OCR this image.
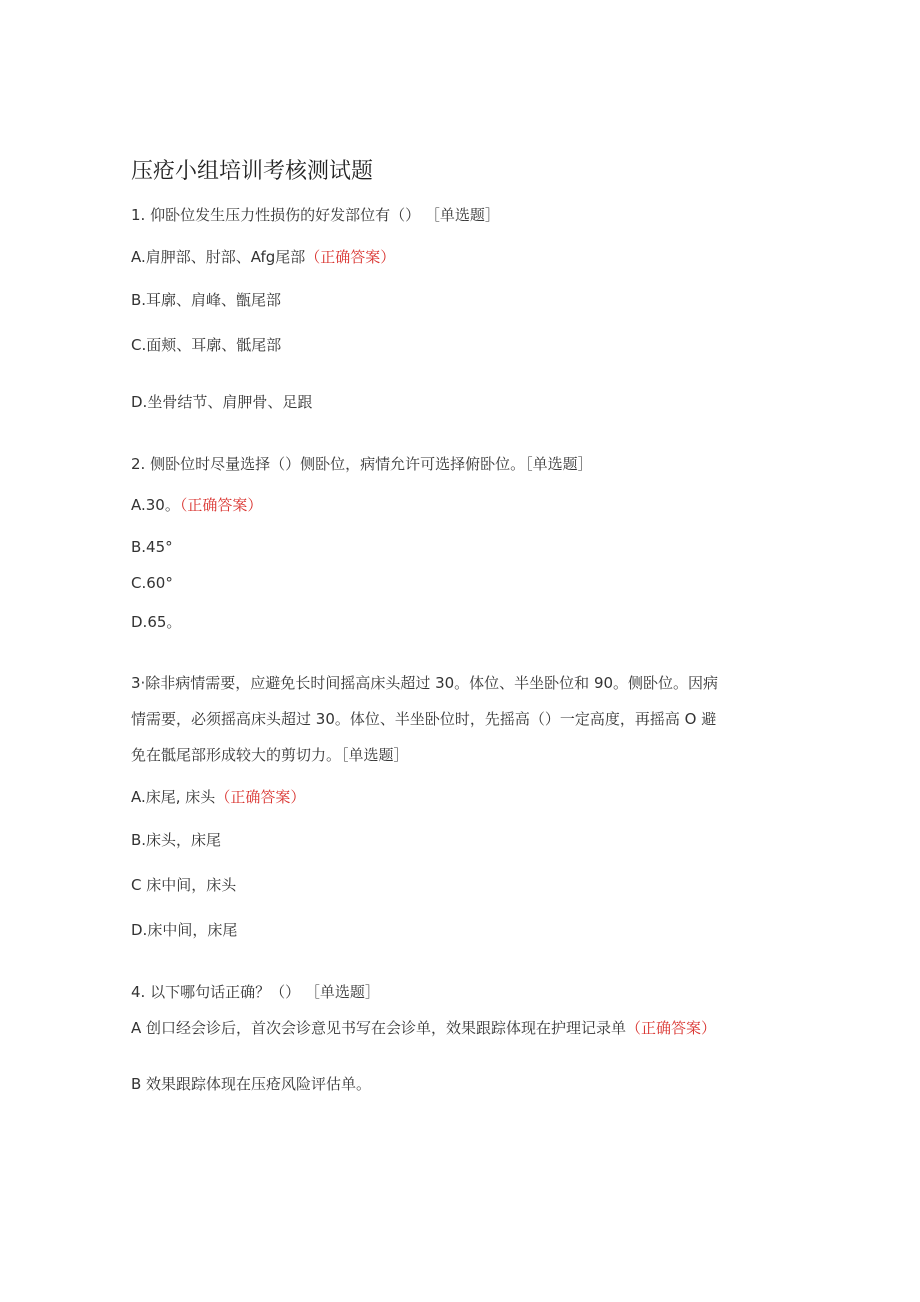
压疮小组培训考核测试题
1. 仰卧位发生压力性损伤的好发部位有（） ［单选题］
A.肩胛部、肘部、Afg尾部（正确答案）
B.耳廓、肩峰、甑尾部
C.面颊、耳廓、骶尾部
D.坐骨结节、肩胛骨、足跟
2. 侧卧位时尽量选择（）侧卧位，病情允许可选择俯卧位。［单选题］
A.30。（正确答案）
B.45°
C.60°
D.65。
3·除非病情需要，应避免长时间摇高床头超过 30。体位、半坐卧位和 90。侧卧位。因病
情需要，必须摇高床头超过 30。体位、半坐卧位时，先摇高（）一定高度，再摇高 O 避
免在骶尾部形成较大的剪切力。［单选题］
A.床尾, 床头（正确答案）
B.床头，床尾
C 床中间，床头
D.床中间，床尾
4. 以下哪句话正确？（） ［单选题］
A 创口经会诊后，首次会诊意见书写在会诊单，效果跟踪体现在护理记录单（正确答案）
B 效果跟踪体现在压疮风险评估单。
